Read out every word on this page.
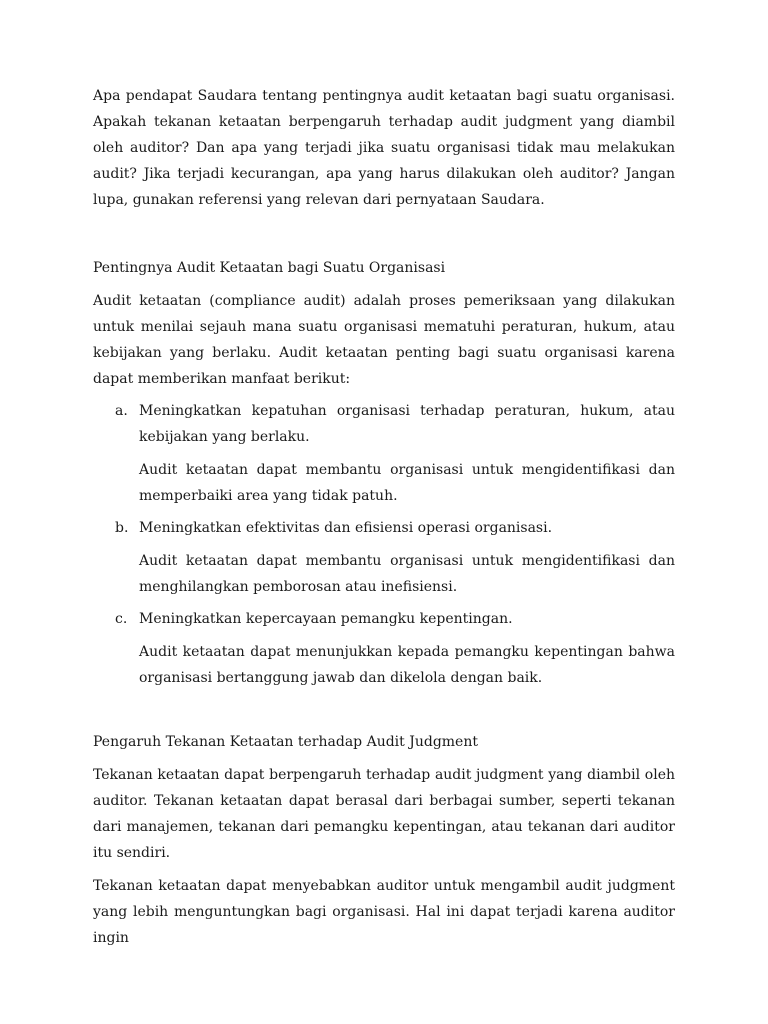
Apa pendapat Saudara tentang pentingnya audit ketaatan bagi suatu organisasi. Apakah tekanan ketaatan berpengaruh terhadap audit judgment yang diambil oleh auditor? Dan apa yang terjadi jika suatu organisasi tidak mau melakukan audit? Jika terjadi kecurangan, apa yang harus dilakukan oleh auditor? Jangan lupa, gunakan referensi yang relevan dari pernyataan Saudara.

Pentingnya Audit Ketaatan bagi Suatu Organisasi

Audit ketaatan (compliance audit) adalah proses pemeriksaan yang dilakukan untuk menilai sejauh mana suatu organisasi mematuhi peraturan, hukum, atau kebijakan yang berlaku. Audit ketaatan penting bagi suatu organisasi karena dapat memberikan manfaat berikut:

a. Meningkatkan kepatuhan organisasi terhadap peraturan, hukum, atau kebijakan yang berlaku.

Audit ketaatan dapat membantu organisasi untuk mengidentifikasi dan memperbaiki area yang tidak patuh.

b. Meningkatkan efektivitas dan efisiensi operasi organisasi.

Audit ketaatan dapat membantu organisasi untuk mengidentifikasi dan menghilangkan pemborosan atau inefisiensi.

c. Meningkatkan kepercayaan pemangku kepentingan.

Audit ketaatan dapat menunjukkan kepada pemangku kepentingan bahwa organisasi bertanggung jawab dan dikelola dengan baik.

Pengaruh Tekanan Ketaatan terhadap Audit Judgment

Tekanan ketaatan dapat berpengaruh terhadap audit judgment yang diambil oleh auditor. Tekanan ketaatan dapat berasal dari berbagai sumber, seperti tekanan dari manajemen, tekanan dari pemangku kepentingan, atau tekanan dari auditor itu sendiri.

Tekanan ketaatan dapat menyebabkan auditor untuk mengambil audit judgment yang lebih menguntungkan bagi organisasi. Hal ini dapat terjadi karena auditor ingin
